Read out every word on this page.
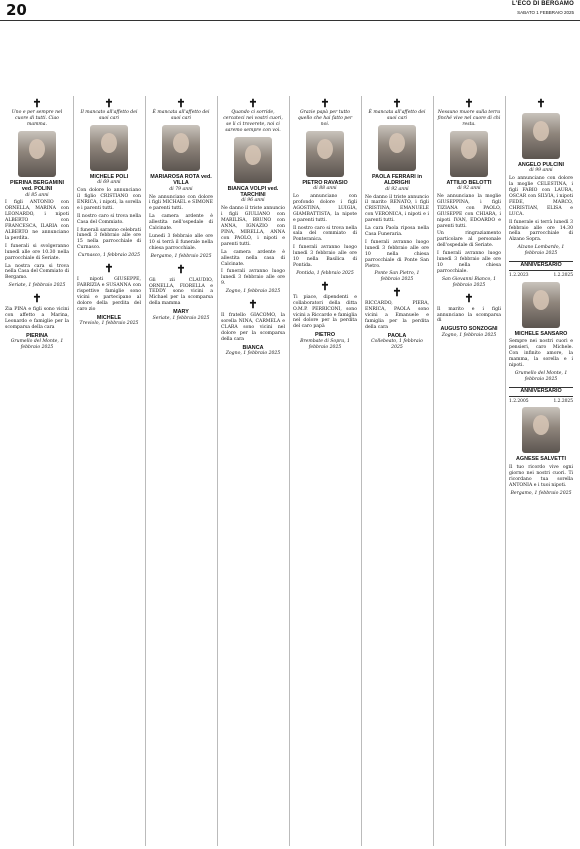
20	L'ECO DI BERGAMO
SABATO 1 FEBBRAIO 2025
✝
Uno e per sempre nel cuore di tutti. Ciao mamma.
PIERINA BERGAMINI ved. POLINI
di 85 anni

I figli ANTONIO con ORNELLA, MARINA con LEONARDO, i nipoti ALBERTO con FRANCESCA, ILARIA con ALBERTO ne annunciano la perdita.

I funerali si svolgeranno lunedì alle ore 10.30 nella parrocchiale di Seriate.

La nostra cara si trova nella Casa del Commiato di Bergamo.

Seriate, 1 febbraio 2025
✝

Zia PINA e figli sono vicini con affetto a Marina, Leonardo e famiglie per la scomparsa della cara

PIERINA
Grumello del Monte, 1 febbraio 2025
✝
Il mancato all'affetto dei suoi cari
MICHELE POLI
di 69 anni

Con dolore lo annunciano il figlio CRISTIANO con ENRICA, i nipoti, la sorella e i parenti tutti.

Il nostro caro si trova nella Casa del Commiato.

I funerali saranno celebrati lunedì 3 febbraio alle ore 15 nella parrocchiale di Curnasco.

Curnasco, 1 febbraio 2025
✝

I nipoti GIUSEPPE, FABRIZIA e SUSANNA con rispettive famiglie sono vicini e partecipano al dolore della perdita del caro zio

MICHELE
Treviolo, 1 febbraio 2025
✝
È mancata all'affetto dei suoi cari
MARIAROSA ROTA ved. VILLA
di 79 anni

Ne annunciano con dolore i figli MICHAEL e SIMONE e parenti tutti.

La camera ardente è allestita nell'ospedale di Calcinate.

Lunedì 3 febbraio alle ore 10 si terrà il funerale nella chiesa parrocchiale.

Bergamo, 1 febbraio 2025
✝

Gli zii CLAUDIO, ORNELLA, FIORELLA e TEDDY sono vicini a Michael per la scomparsa della mamma

MARY
Seriate, 1 febbraio 2025
✝
Quando ci sorride, cercateci nei vostri cuori, se li ci troverete, noi ci saremo sempre con voi.
BIANCA VOLPI ved. TARCHINI
di 96 anni

Ne danno il triste annuncio i figli GIULIANO con MARILISA, BRUNO con ANNA, IGNAZIO con PINA, MIRELLA, ANNA con PAOLO, i nipoti e parenti tutti.

La camera ardente è allestita nella casa di Calcinate.

I funerali avranno luogo lunedì 3 febbraio alle ore 9.

Zogno, 1 febbraio 2025
✝

Il fratello GIACOMO, la sorella NINA, CARMELA e CLARA sono vicini nel dolore per la scomparsa della cara

BIANCA
Zogno, 1 febbraio 2025
✝
Grazie papà per tutto quello che hai fatto per noi.
PIETRO RAVASIO
di 88 anni

Lo annunciano con profondo dolore i figli AGOSTINA, LUIGIA, GIAMBATTISTA, la nipote e parenti tutti.

Il nostro caro si trova nella sala del commiato di Ponteranica.

I funerali avranno luogo lunedì 3 febbraio alle ore 10 nella Basilica di Pontida.

Pontida, 1 febbraio 2025
✝

Ti piace, dipendenti e collaboratori della ditta O.M.P. PERRICONI, sono vicini a Riccardo e famiglia nel dolore per la perdita del caro papà

PIETRO
Brembate di Sopra, 1 febbraio 2025
✝
È mancata all'affetto dei suoi cari
PAOLA FERRARI in ALDRIGHI
di 92 anni

Ne danno il triste annuncio il marito RENATO, i figli CRISTINA, EMANUELE con VERONICA, i nipoti e i parenti tutti.

La cara Paola riposa nella Casa Funeraria.

I funerali avranno luogo lunedì 3 febbraio alle ore 10 nella chiesa parrocchiale di Ponte San Pietro.

Ponte San Pietro, 1 febbraio 2025
✝

RICCARDO, PIERA, ENRICA, PAOLA sono vicini a Emanuele e famiglia per la perdita della cara

PAOLA
Collebeato, 1 febbraio 2025
✝
Nessuno muore sulla terra finché vive nel cuore di chi resta.
ATTILIO BELOTTI
di 92 anni

Ne annunciano la moglie GIUSEPPINA, i figli TIZIANA con PAOLO, GIUSEPPE con CHIARA, i nipoti IVAN, EDOARDO e parenti tutti.

Un ringraziamento particolare al personale dell'ospedale di Seriate.

I funerali avranno luogo lunedì 3 febbraio alle ore 10 nella chiesa parrocchiale.

San Giovanni Bianco, 1 febbraio 2025
✝

Il marito e i figli annunciano la scomparsa di

AUGUSTO SONZOGNI
Zogno, 1 febbraio 2025
✝
ANGELO PULCINI
di 99 anni

Lo annunciano con dolore la moglie CELESTINA, i figli FABIO con LAURA, OSCAR con SILVIA, i nipoti FEDE, MARCO, CHRISTIAN, ELISA e LUCA.

Il funerale si terrà lunedì 3 febbraio alle ore 14.30 nella parrocchiale di Alzano Sopra.

Alzano Lombardo, 1 febbraio 2025
ANNIVERSARIO
1.2.2023	1.2.2025
MICHELE SANSARO

Sempre nei nostri cuori e pensieri, caro Michele. Con infinito amore, la mamma, la sorella e i nipoti.

Grumello del Monte, 1 febbraio 2025
ANNIVERSARIO
1.2.2005	1.2.2025
AGNESE SALVETTI

Il tuo ricordo vive ogni giorno nei nostri cuori. Ti ricordano tua sorella ANTONIA e i tuoi nipoti.

Bergamo, 1 febbraio 2025
